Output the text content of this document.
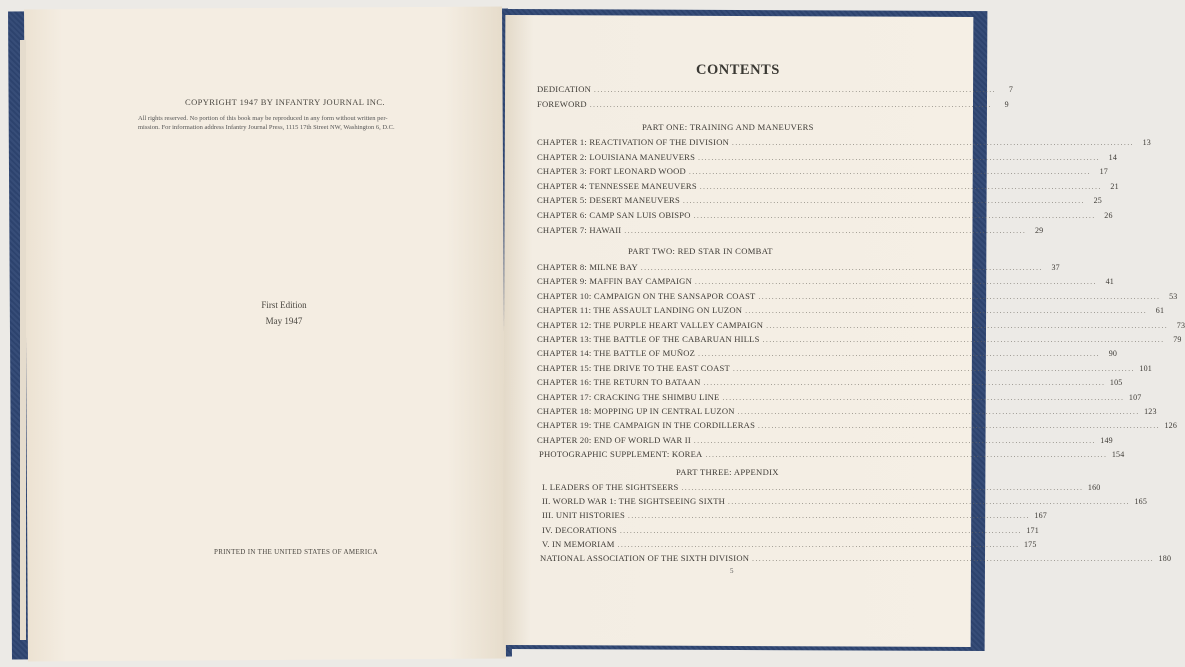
COPYRIGHT 1947 BY INFANTRY JOURNAL INC.
All rights reserved. No portion of this book may be reproduced in any form without written per-
mission. For information address Infantry Journal Press, 1115 17th Street NW, Washington 6, D.C.
First Edition
May 1947
PRINTED IN THE UNITED STATES OF AMERICA
CONTENTS
DEDICATION ........................................................................................................................	7
FOREWORD ........................................................................................................................	9
PART ONE: TRAINING AND MANEUVERS
CHAPTER 1: REACTIVATION OF THE DIVISION ........................................................................................................................	13
CHAPTER 2: LOUISIANA MANEUVERS ........................................................................................................................	14
CHAPTER 3: FORT LEONARD WOOD ........................................................................................................................	17
CHAPTER 4: TENNESSEE MANEUVERS ........................................................................................................................	21
CHAPTER 5: DESERT MANEUVERS ........................................................................................................................	25
CHAPTER 6: CAMP SAN LUIS OBISPO ........................................................................................................................	26
CHAPTER 7: HAWAII ........................................................................................................................	29
PART TWO: RED STAR IN COMBAT
CHAPTER 8: MILNE BAY ........................................................................................................................	37
CHAPTER 9: MAFFIN BAY CAMPAIGN ........................................................................................................................	41
CHAPTER 10: CAMPAIGN ON THE SANSAPOR COAST ........................................................................................................................	53
CHAPTER 11: THE ASSAULT LANDING ON LUZON ........................................................................................................................	61
CHAPTER 12: THE PURPLE HEART VALLEY CAMPAIGN ........................................................................................................................	73
CHAPTER 13: THE BATTLE OF THE CABARUAN HILLS ........................................................................................................................	79
CHAPTER 14: THE BATTLE OF MUÑOZ ........................................................................................................................	90
CHAPTER 15: THE DRIVE TO THE EAST COAST ........................................................................................................................ 101
CHAPTER 16: THE RETURN TO BATAAN ........................................................................................................................ 105
CHAPTER 17: CRACKING THE SHIMBU LINE ........................................................................................................................ 107
CHAPTER 18: MOPPING UP IN CENTRAL LUZON ........................................................................................................................ 123
CHAPTER 19: THE CAMPAIGN IN THE CORDILLERAS ........................................................................................................................ 126
CHAPTER 20: END OF WORLD WAR II ........................................................................................................................ 149
PHOTOGRAPHIC SUPPLEMENT: KOREA ........................................................................................................................ 154
PART THREE: APPENDIX
I. LEADERS OF THE SIGHTSEERS ........................................................................................................................ 160
II. WORLD WAR 1: THE SIGHTSEEING SIXTH ........................................................................................................................ 165
III. UNIT HISTORIES ........................................................................................................................ 167
IV. DECORATIONS ........................................................................................................................ 171
V. IN MEMORIAM ........................................................................................................................ 175
NATIONAL ASSOCIATION OF THE SIXTH DIVISION ........................................................................................................................ 180
5
